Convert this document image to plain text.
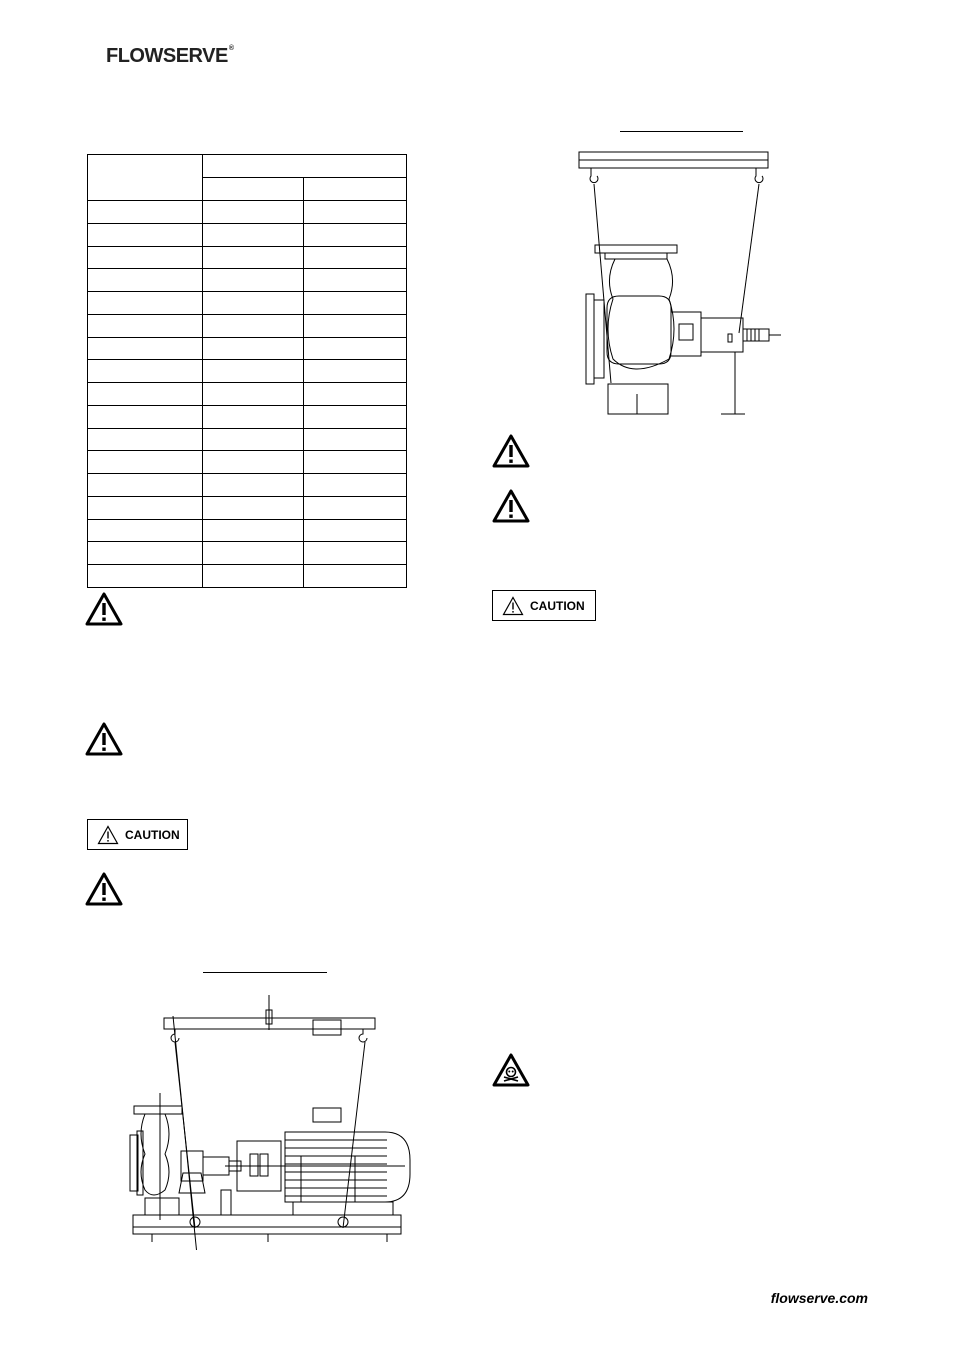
FLOWSERVE®

CAUTION
CAUTION
flowserve.com
